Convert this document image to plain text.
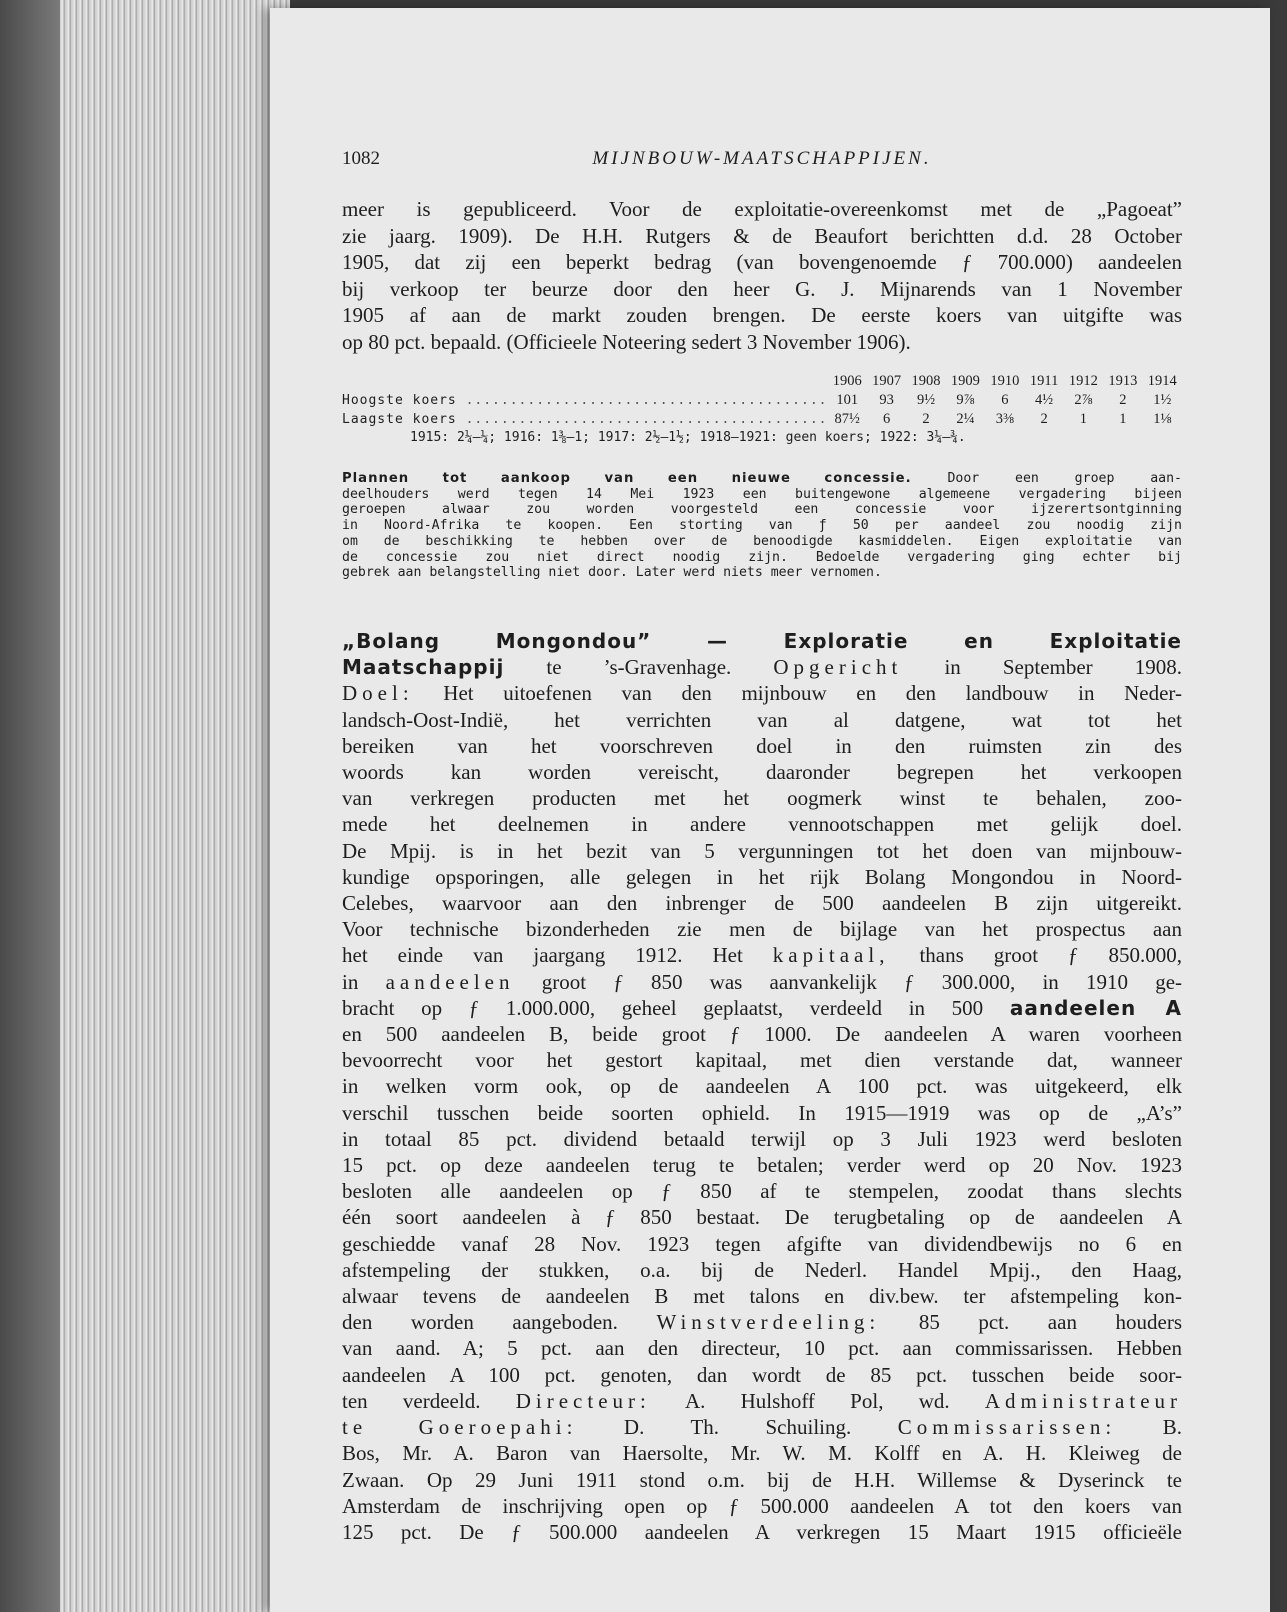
1082	MIJNBOUW-MAATSCHAPPIJEN.
meer is gepubliceerd. Voor de exploitatie-overeenkomst met de „Pagoeat”
zie jaarg. 1909). De H.H. Rutgers & de Beaufort berichtten d.d. 28 October
1905, dat zij een beperkt bedrag (van bovengenoemde ƒ 700.000) aandeelen
bij verkoop ter beurze door den heer G. J. Mijnarends van 1 November
1905 af aan de markt zouden brengen. De eerste koers van uitgifte was
op 80 pct. bepaald. (Officieele Noteering sedert 3 November 1906).
	1906	1907	1908	1909	1910	1911	1912	1913	1914
Hoogste koers .........................................	101	93	9½	9⅞	6	4½	2⅞	2	1½
Laagste koers .........................................	87½	6	2	2¼	3⅜	2	1	1	1⅛
1915: 2¼—¼; 1916: 1⅜—1; 1917: 2½—1½; 1918—1921: geen koers; 1922: 3¼—¾.
Plannen tot aankoop van een nieuwe concessie.	Door een groep aan-
deelhouders werd tegen 14 Mei 1923 een buitengewone algemeene vergadering bijeen
geroepen alwaar zou worden voorgesteld een concessie voor ijzerertsontginning
in Noord-Afrika te koopen. Een storting van ƒ 50 per aandeel zou noodig zijn
om de beschikking te hebben over de benoodigde kasmiddelen. Eigen exploitatie van
de concessie zou niet direct noodig zijn. Bedoelde vergadering ging echter bij
gebrek aan belangstelling niet door. Later werd niets meer vernomen.
„Bolang Mongondou” — Exploratie en Exploitatie
Maatschappij te ’s-Gravenhage. Opgericht in September 1908.
Doel: Het uitoefenen van den mijnbouw en den landbouw in Neder-
landsch-Oost-Indië, het verrichten van al datgene, wat tot het
bereiken van het voorschreven doel in den ruimsten zin des
woords kan worden vereischt, daaronder begrepen het verkoopen
van verkregen producten met het oogmerk winst te behalen, zoo-
mede het deelnemen in andere vennootschappen met gelijk doel.
De Mpij. is in het bezit van 5 vergunningen tot het doen van mijnbouw-
kundige opsporingen, alle gelegen in het rijk Bolang Mongondou in Noord-
Celebes, waarvoor aan den inbrenger de 500 aandeelen B zijn uitgereikt.
Voor technische bizonderheden zie men de bijlage van het prospectus aan
het einde van jaargang 1912. Het kapitaal, thans groot ƒ 850.000,
in aandeelen groot ƒ 850 was aanvankelijk ƒ 300.000, in 1910 ge-
bracht op ƒ 1.000.000, geheel geplaatst, verdeeld in 500 aandeelen A
en 500 aandeelen B, beide groot ƒ 1000. De aandeelen A waren voorheen
bevoorrecht voor het gestort kapitaal, met dien verstande dat, wanneer
in welken vorm ook, op de aandeelen A 100 pct. was uitgekeerd, elk
verschil tusschen beide soorten ophield. In 1915—1919 was op de „A’s”
in totaal 85 pct. dividend betaald terwijl op 3 Juli 1923 werd besloten
15 pct. op deze aandeelen terug te betalen; verder werd op 20 Nov. 1923
besloten alle aandeelen op ƒ 850 af te stempelen, zoodat thans slechts
één soort aandeelen à ƒ 850 bestaat. De terugbetaling op de aandeelen A
geschiedde vanaf 28 Nov. 1923 tegen afgifte van dividendbewijs no 6 en
afstempeling der stukken, o.a. bij de Nederl. Handel Mpij., den Haag,
alwaar tevens de aandeelen B met talons en div.bew. ter afstempeling kon-
den worden aangeboden. Winstverdeeling: 85 pct. aan houders
van aand. A; 5 pct. aan den directeur, 10 pct. aan commissarissen. Hebben
aandeelen A 100 pct. genoten, dan wordt de 85 pct. tusschen beide soor-
ten verdeeld. Directeur: A. Hulshoff Pol, wd. Administrateur
te Goeroepahi: D. Th. Schuiling. Commissarissen: B.
Bos, Mr. A. Baron van Haersolte, Mr. W. M. Kolff en A. H. Kleiweg de
Zwaan. Op 29 Juni 1911 stond o.m. bij de H.H. Willemse & Dyserinck te
Amsterdam de inschrijving open op ƒ 500.000 aandeelen A tot den koers van
125 pct. De ƒ 500.000 aandeelen A verkregen 15 Maart 1915 officieële
